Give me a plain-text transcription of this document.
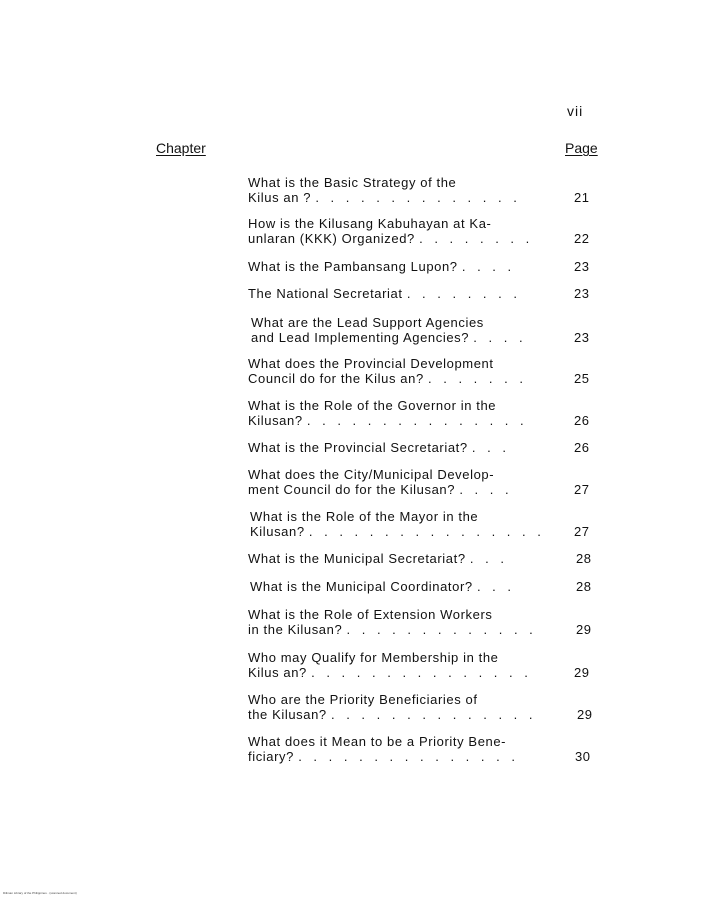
vii
Chapter	Page
What is the Basic Strategy of the
Kilus an ? . . . . . . . . . . . . . .	21
How is the Kilusang Kabuhayan at Ka-
unlaran (KKK) Organized? . . . . . . . .	22
What is the Pambansang Lupon? . . . .	23
The National Secretariat . . . . . . . .	23
What are the Lead Support Agencies
and Lead Implementing Agencies? . . . .	23
What does the Provincial Development
Council do for the Kilus an? . . . . . . .	25
What is the Role of the Governor in the
Kilusan? . . . . . . . . . . . . . . .	26
What is the Provincial Secretariat? . . .	26
What does the City/Municipal Develop-
ment Council do for the Kilusan? . . . .	27
What is the Role of the Mayor in the
Kilusan? . . . . . . . . . . . . . . . .	27
What is the Municipal Secretariat? . . .	28
What is the Municipal Coordinator? . . .	28
What is the Role of Extension Workers
in the Kilusan? . . . . . . . . . . . . .	29
Who may Qualify for Membership in the
Kilus an? . . . . . . . . . . . . . . .	29
Who are the Priority Beneficiaries of
the Kilusan? . . . . . . . . . . . . . .	29
What does it Mean to be a Priority Bene-
ficiary? . . . . . . . . . . . . . . .	30
Diliman Library of the Philippines · (scanned document)
